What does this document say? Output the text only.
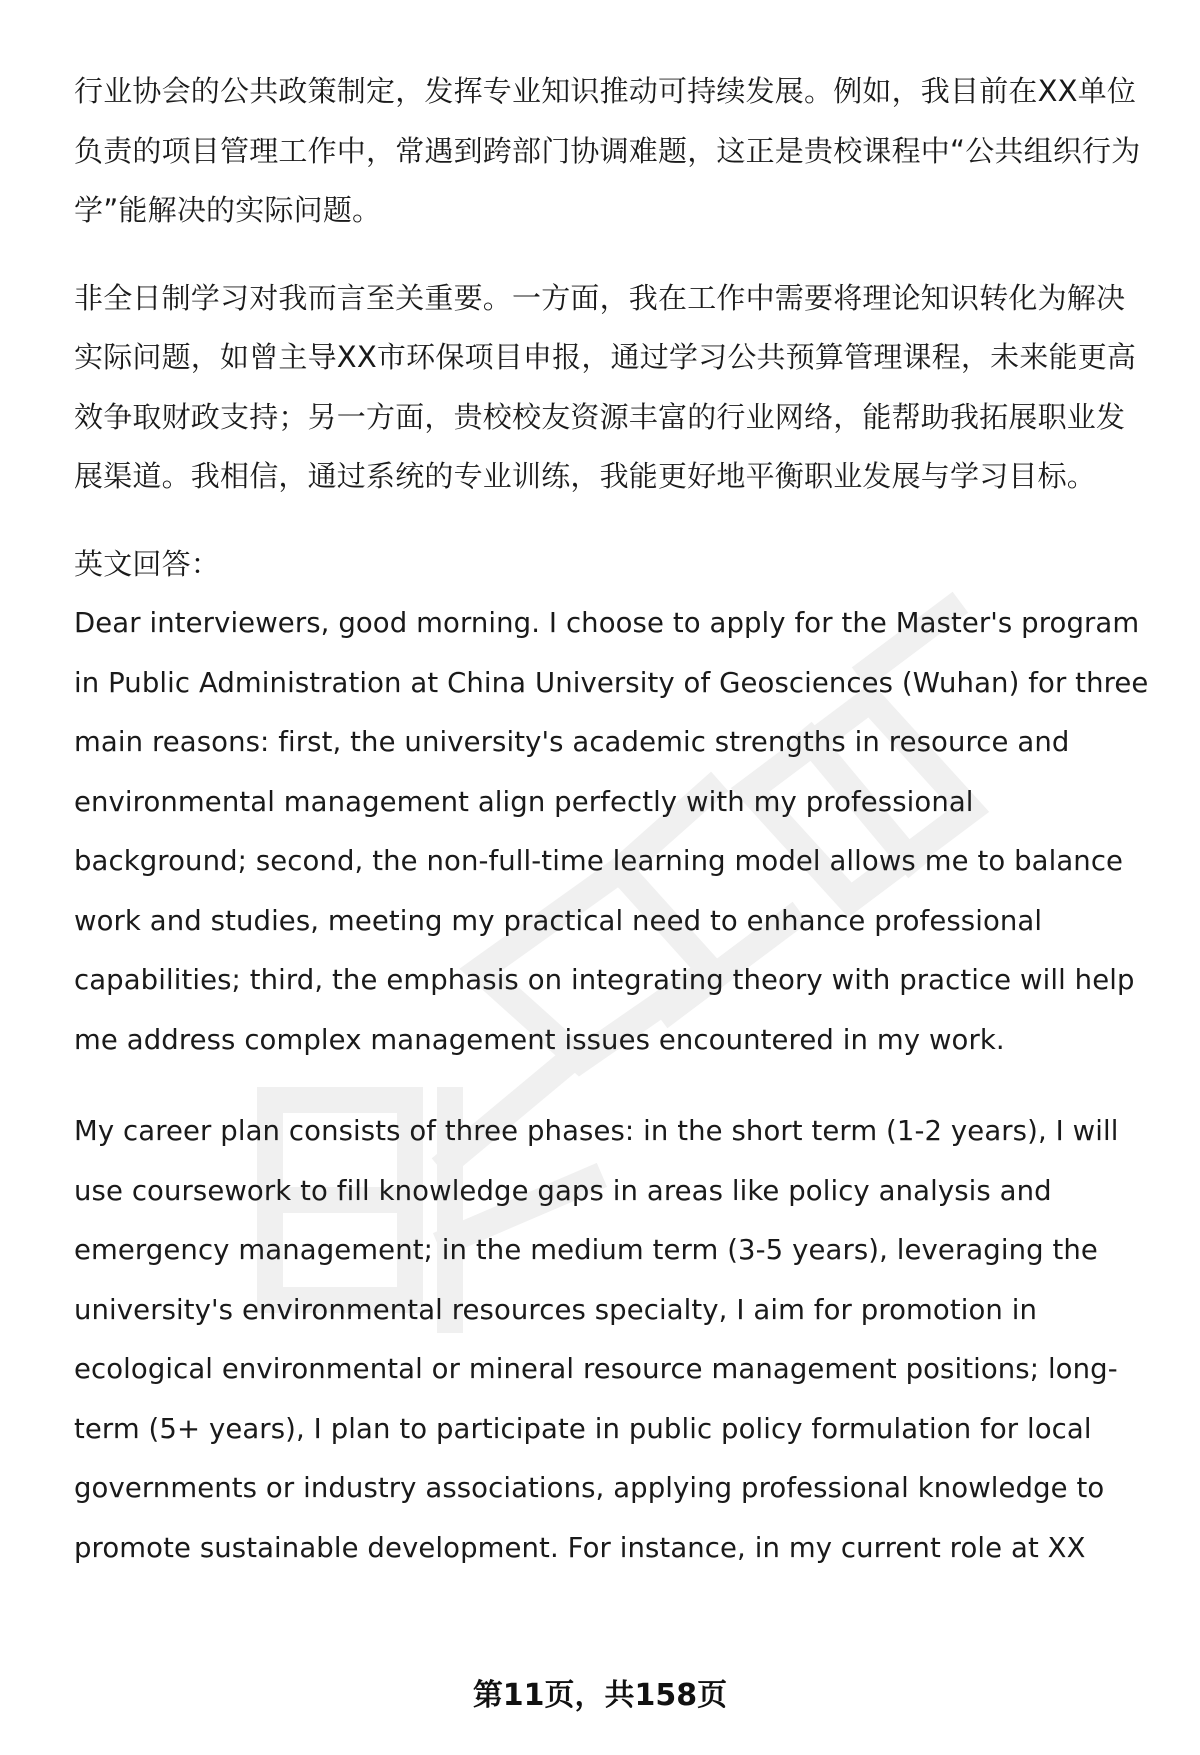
行业协会的公共政策制定，发挥专业知识推动可持续发展。例如，我目前在XX单位负责的项目管理工作中，常遇到跨部门协调难题，这正是贵校课程中“公共组织行为学”能解决的实际问题。

非全日制学习对我而言至关重要。一方面，我在工作中需要将理论知识转化为解决实际问题，如曾主导XX市环保项目申报，通过学习公共预算管理课程，未来能更高效争取财政支持；另一方面，贵校校友资源丰富的行业网络，能帮助我拓展职业发展渠道。我相信，通过系统的专业训练，我能更好地平衡职业发展与学习目标。

英文回答：

Dear interviewers, good morning. I choose to apply for the Master's program in Public Administration at China University of Geosciences (Wuhan) for three main reasons: first, the university's academic strengths in resource and environmental management align perfectly with my professional background; second, the non-full-time learning model allows me to balance work and studies, meeting my practical need to enhance professional capabilities; third, the emphasis on integrating theory with practice will help me address complex management issues encountered in my work.

My career plan consists of three phases: in the short term (1-2 years), I will use coursework to fill knowledge gaps in areas like policy analysis and emergency management; in the medium term (3-5 years), leveraging the university's environmental resources specialty, I aim for promotion in ecological environmental or mineral resource management positions; long-term (5+ years), I plan to participate in public policy formulation for local governments or industry associations, applying professional knowledge to promote sustainable development. For instance, in my current role at XX

第11页，共158页
